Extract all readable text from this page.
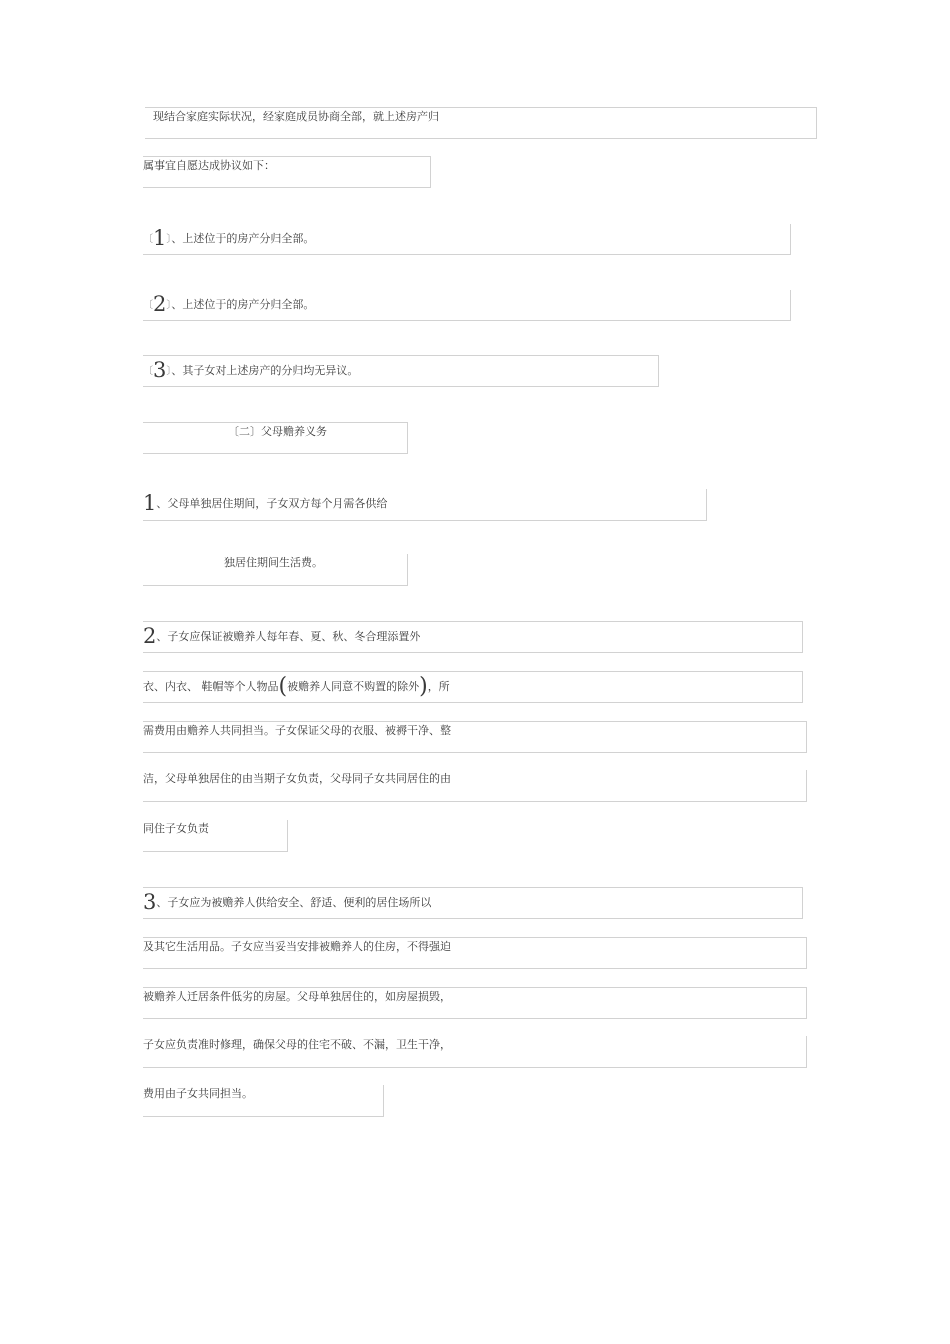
现结合家庭实际状况，经家庭成员协商全部，就上述房产归
属事宜自愿达成协议如下：
〔1〕、上述位于的房产分归全部。
〔2〕、上述位于的房产分归全部。
〔3〕、其子女对上述房产的分归均无异议。
〔二〕父母赡养义务
1、父母单独居住期间，子女双方每个月需各供给
独居住期间生活费。
2、子女应保证被赡养人每年春、夏、秋、冬合理添置外
衣、内衣、 鞋帽等个人物品(被赡养人同意不购置的除外)，所
需费用由赡养人共同担当。子女保证父母的衣服、被褥干净、整
洁，父母单独居住的由当期子女负责，父母同子女共同居住的由
同住子女负责
3、子女应为被赡养人供给安全、舒适、便利的居住场所以
及其它生活用品。子女应当妥当安排被赡养人的住房，不得强迫
被赡养人迁居条件低劣的房屋。父母单独居住的，如房屋损毁，
子女应负责准时修理，确保父母的住宅不破、不漏，卫生干净，
费用由子女共同担当。
